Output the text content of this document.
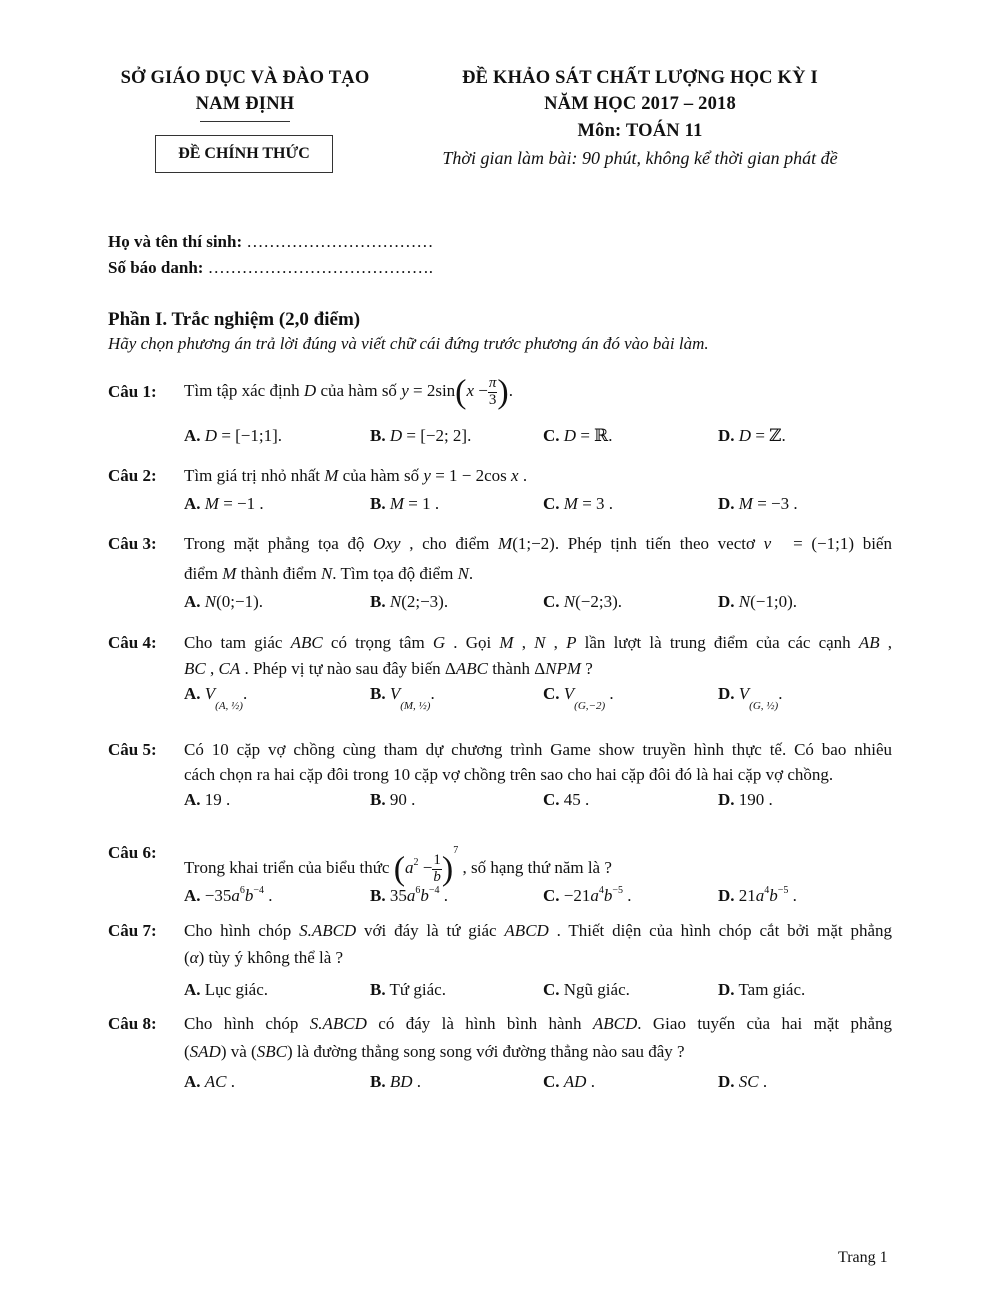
SỞ GIÁO DỤC VÀ ĐÀO TẠO
NAM ĐỊNH
ĐỀ CHÍNH THỨC
ĐỀ KHẢO SÁT CHẤT LƯỢNG HỌC KỲ I
NĂM HỌC 2017 – 2018
Môn: TOÁN 11
Thời gian làm bài: 90 phút, không kể thời gian phát đề
Họ và tên thí sinh: ……………………………
Số báo danh: ………………………………….
Phần I. Trắc nghiệm (2,0 điểm)
Hãy chọn phương án trả lời đúng và viết chữ cái đứng trước phương án đó vào bài làm.
Câu 1: Tìm tập xác định D của hàm số $y = 2\sin(x - \frac{\pi}{3}$ ).
A. D = [−1;1].	B. D = [−2; 2].	C. D = ℝ.	D. D = ℤ.
Câu 2: Tìm giá trị nhỏ nhất M của hàm số y = 1 − 2cos x .
A. M = −1 .	B. M = 1 .	C. M = 3 .	D. M = −3 .
Câu 3: Trong mặt phẳng tọa độ Oxy , cho điểm M(1;−2). Phép tịnh tiến theo vectơ v⃗ = (−1;1) biến
điểm M thành điểm N. Tìm tọa độ điểm N.
A. N(0;−1).	B. N(2;−3).	C. N(−2;3).	D. N(−1;0).
Câu 4: Cho tam giác ABC có trọng tâm G . Gọi M , N , P lần lượt là trung điểm của các cạnh AB ,
BC , CA . Phép vị tự nào sau đây biến ΔABC thành ΔNPM ?
A. $V_{(A, \frac{1}{2})}$.	B. $V_{(M, \frac{1}{2})}$.	C. $V_{(G,-2)}$ .	D. $V_{(G, \frac{1}{2})}$.
Câu 5: Có 10 cặp vợ chồng cùng tham dự chương trình Game show truyền hình thực tế. Có bao nhiêu
cách chọn ra hai cặp đôi trong 10 cặp vợ chồng trên sao cho hai cặp đôi đó là hai cặp vợ chồng.
A. 19 .	B. 90 .	C. 45 .	D. 190 .
Câu 6:
Trong khai triển của biểu thức $(a^2 - \frac{1}{b} )^7$ , số hạng thứ năm là ?
A. $-35a^6b^{-4}$ .	B. $35a^6b^{-4}$ .	C. $-21a^4b^{-5}$ .	D. $21a^4b^{-5}$ .
Câu 7: Cho hình chóp S.ABCD với đáy là tứ giác ABCD . Thiết diện của hình chóp cắt bởi mặt phẳng
(α) tùy ý không thể là ?
A. Lục giác.	B. Tứ giác.	C. Ngũ giác.	D. Tam giác.
Câu 8: Cho hình chóp S.ABCD có đáy là hình bình hành ABCD. Giao tuyến của hai mặt phẳng
(SAD) và (SBC) là đường thẳng song song với đường thẳng nào sau đây ?
A. AC .	B. BD .	C. AD .	D. SC .
Trang 1
